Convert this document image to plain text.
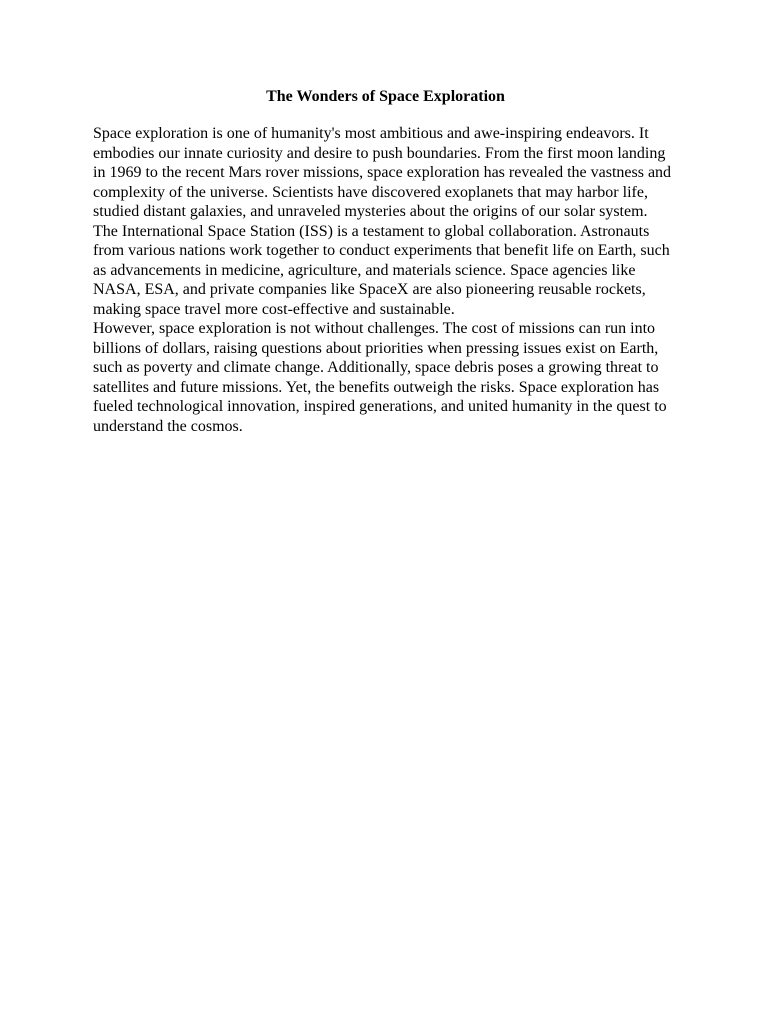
The Wonders of Space Exploration

Space exploration is one of humanity's most ambitious and awe-inspiring endeavors. It embodies our innate curiosity and desire to push boundaries. From the first moon landing in 1969 to the recent Mars rover missions, space exploration has revealed the vastness and complexity of the universe. Scientists have discovered exoplanets that may harbor life, studied distant galaxies, and unraveled mysteries about the origins of our solar system.

The International Space Station (ISS) is a testament to global collaboration. Astronauts from various nations work together to conduct experiments that benefit life on Earth, such as advancements in medicine, agriculture, and materials science. Space agencies like NASA, ESA, and private companies like SpaceX are also pioneering reusable rockets, making space travel more cost-effective and sustainable.

However, space exploration is not without challenges. The cost of missions can run into billions of dollars, raising questions about priorities when pressing issues exist on Earth, such as poverty and climate change. Additionally, space debris poses a growing threat to satellites and future missions. Yet, the benefits outweigh the risks. Space exploration has fueled technological innovation, inspired generations, and united humanity in the quest to understand the cosmos.
